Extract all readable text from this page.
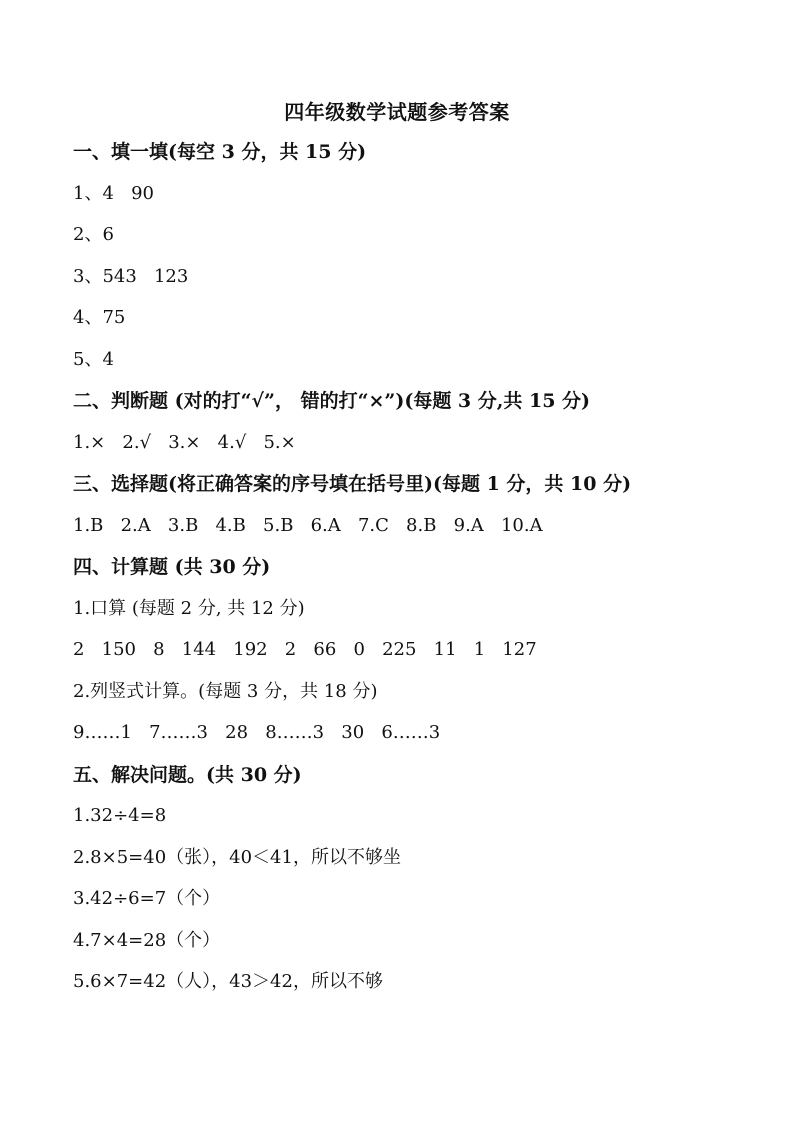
四年级数学试题参考答案
一、填一填(每空 3 分，共 15 分)
1、4   90
2、6
3、543   123
4、75
5、4
二、判断题 (对的打“√”， 错的打“×”)(每题 3 分,共 15 分)
1.×   2.√   3.×   4.√   5.×
三、选择题(将正确答案的序号填在括号里)(每题 1 分，共 10 分)
1.B   2.A   3.B   4.B   5.B   6.A   7.C   8.B   9.A   10.A
四、计算题 (共 30 分)
1.口算 (每题 2 分, 共 12 分)
2   150   8   144   192   2   66   0   225   11   1   127
2.列竖式计算。(每题 3 分，共 18 分)
9……1   7……3   28   8……3   30   6……3
五、解决问题。(共 30 分)
1.32÷4=8
2.8×5=40（张），40＜41，所以不够坐
3.42÷6=7（个）
4.7×4=28（个）
5.6×7=42（人），43＞42，所以不够
